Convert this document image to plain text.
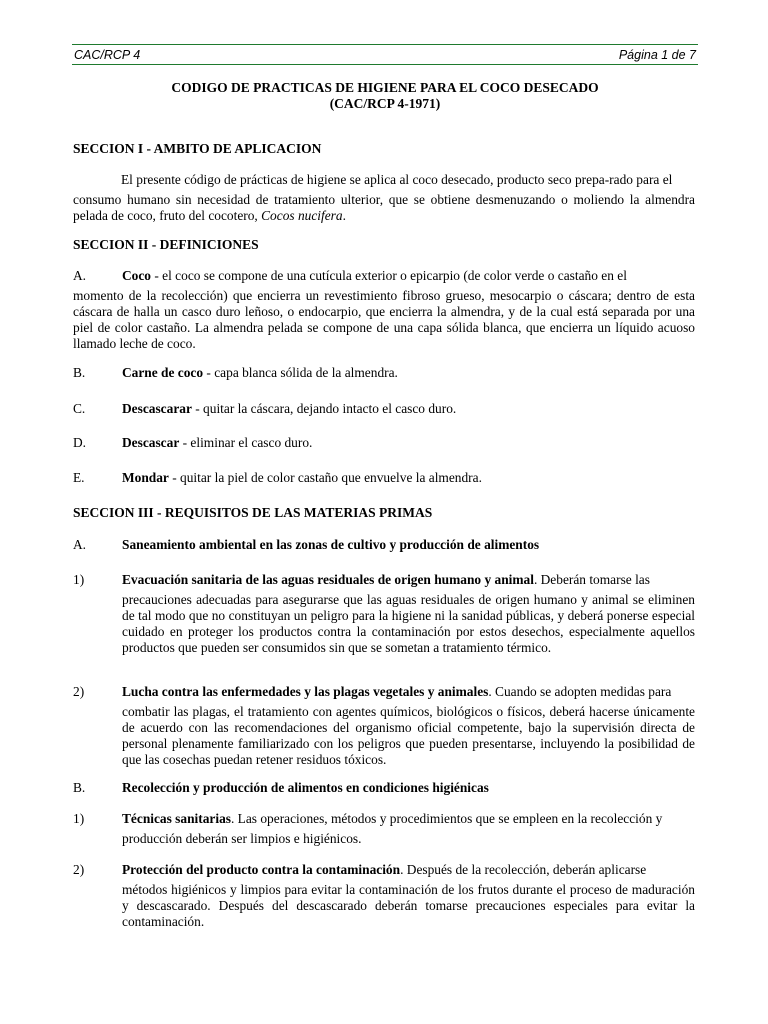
CAC/RCP 4	Página 1 de 7
CODIGO DE PRACTICAS DE HIGIENE PARA EL COCO DESECADO
(CAC/RCP 4-1971)
SECCION I - AMBITO DE APLICACION
El presente código de prácticas de higiene se aplica al coco desecado, producto seco prepa-rado para el
consumo humano sin necesidad de tratamiento ulterior, que se obtiene desmenuzando o moliendo la almendra pelada de coco, fruto del cocotero, Cocos nucifera.
SECCION II - DEFINICIONES
A.	Coco - el coco se compone de una cutícula exterior o epicarpio (de color verde o castaño en el
momento de la recolección) que encierra un revestimiento fibroso grueso, mesocarpio o cáscara; dentro de esta cáscara de halla un casco duro leñoso, o endocarpio, que encierra la almendra, y de la cual está separada por una piel de color castaño. La almendra pelada se compone de una capa sólida blanca, que encierra un líquido acuoso llamado leche de coco.
B.	Carne de coco - capa blanca sólida de la almendra.
C.	Descascarar - quitar la cáscara, dejando intacto el casco duro.
D.	Descascar - eliminar el casco duro.
E.	Mondar - quitar la piel de color castaño que envuelve la almendra.
SECCION III - REQUISITOS DE LAS MATERIAS PRIMAS
A.	Saneamiento ambiental en las zonas de cultivo y producción de alimentos
1)	Evacuación sanitaria de las aguas residuales de origen humano y animal. Deberán tomarse las
precauciones adecuadas para asegurarse que las aguas residuales de origen humano y animal se eliminen de tal modo que no constituyan un peligro para la higiene ni la sanidad públicas, y deberá ponerse especial cuidado en proteger los productos contra la contaminación por estos desechos, especialmente aquellos productos que pueden ser consumidos sin que se sometan a tratamiento térmico.
2)	Lucha contra las enfermedades y las plagas vegetales y animales. Cuando se adopten medidas para
combatir las plagas, el tratamiento con agentes químicos, biológicos o físicos, deberá hacerse únicamente de acuerdo con las recomendaciones del organismo oficial competente, bajo la supervisión directa de personal plenamente familiarizado con los peligros que pueden presentarse, incluyendo la posibilidad de que las cosechas puedan retener residuos tóxicos.
B.	Recolección y producción de alimentos en condiciones higiénicas
1)	Técnicas sanitarias. Las operaciones, métodos y procedimientos que se empleen en la recolección y
producción deberán ser limpios e higiénicos.
2)	Protección del producto contra la contaminación. Después de la recolección, deberán aplicarse
métodos higiénicos y limpios para evitar la contaminación de los frutos durante el proceso de maduración y descascarado. Después del descascarado deberán tomarse precauciones especiales para evitar la contaminación.
